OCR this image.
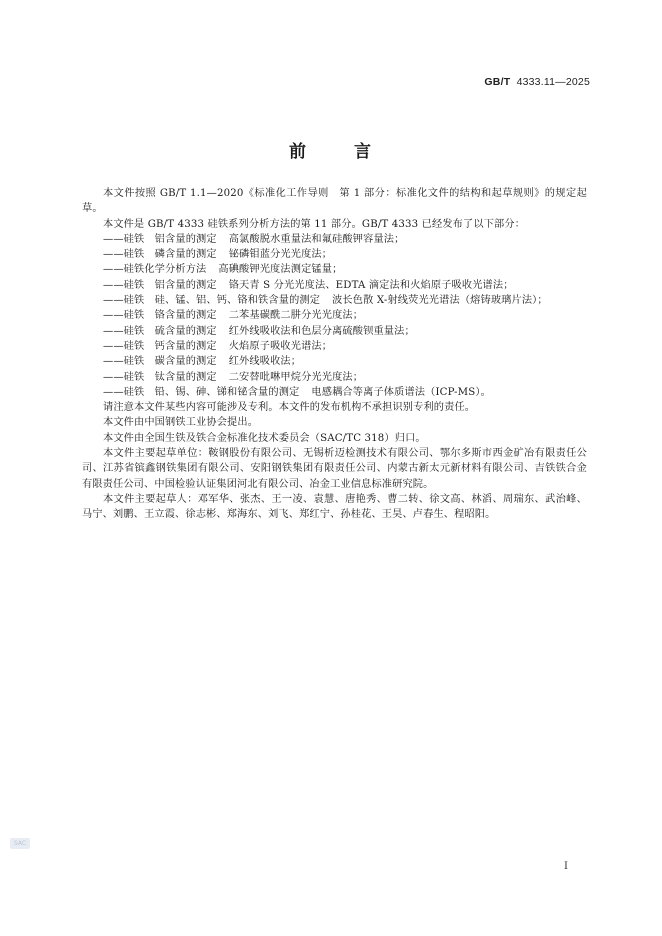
GB/T 4333.11—2025
前	言

本文件按照 GB/T 1.1—2020《标准化工作导则　第 1 部分：标准化文件的结构和起草规则》的规定起草。

本文件是 GB/T 4333 硅铁系列分析方法的第 11 部分。GB/T 4333 已经发布了以下部分：

——硅铁　铝含量的测定 高氯酸脱水重量法和氟硅酸钾容量法；

——硅铁　磷含量的测定 铋磷钼蓝分光光度法；

——硅铁化学分析方法 高碘酸钾光度法测定锰量；

——硅铁　铝含量的测定 铬天青 S 分光光度法、EDTA 滴定法和火焰原子吸收光谱法；

——硅铁　硅、锰、铝、钙、铬和铁含量的测定 波长色散 X-射线荧光光谱法（熔铸玻璃片法）；

——硅铁　铬含量的测定 二苯基碳酰二肼分光光度法；

——硅铁　硫含量的测定 红外线吸收法和色层分离硫酸钡重量法；

——硅铁　钙含量的测定 火焰原子吸收光谱法；

——硅铁　碳含量的测定 红外线吸收法；

——硅铁　钛含量的测定 二安替吡啉甲烷分光光度法；

——硅铁　铅、锡、砷、锑和铋含量的测定 电感耦合等离子体质谱法（ICP-MS）。

请注意本文件某些内容可能涉及专利。本文件的发布机构不承担识别专利的责任。

本文件由中国钢铁工业协会提出。

本文件由全国生铁及铁合金标准化技术委员会（SAC/TC 318）归口。

本文件主要起草单位：鞍钢股份有限公司、无锡析迈检测技术有限公司、鄂尔多斯市西金矿冶有限责任公司、江苏省镔鑫钢铁集团有限公司、安阳钢铁集团有限责任公司、内蒙古新太元新材料有限公司、吉铁铁合金有限责任公司、中国检验认证集团河北有限公司、冶金工业信息标准研究院。

本文件主要起草人：邓军华、张杰、王一凌、袁慧、唐艳秀、曹二转、徐文高、林滔、周瑞东、武治峰、马宁、刘鹏、王立霞、徐志彬、郑海东、刘飞、郑红宁、孙桂花、王昊、卢春生、程昭阳。

SAC
I
